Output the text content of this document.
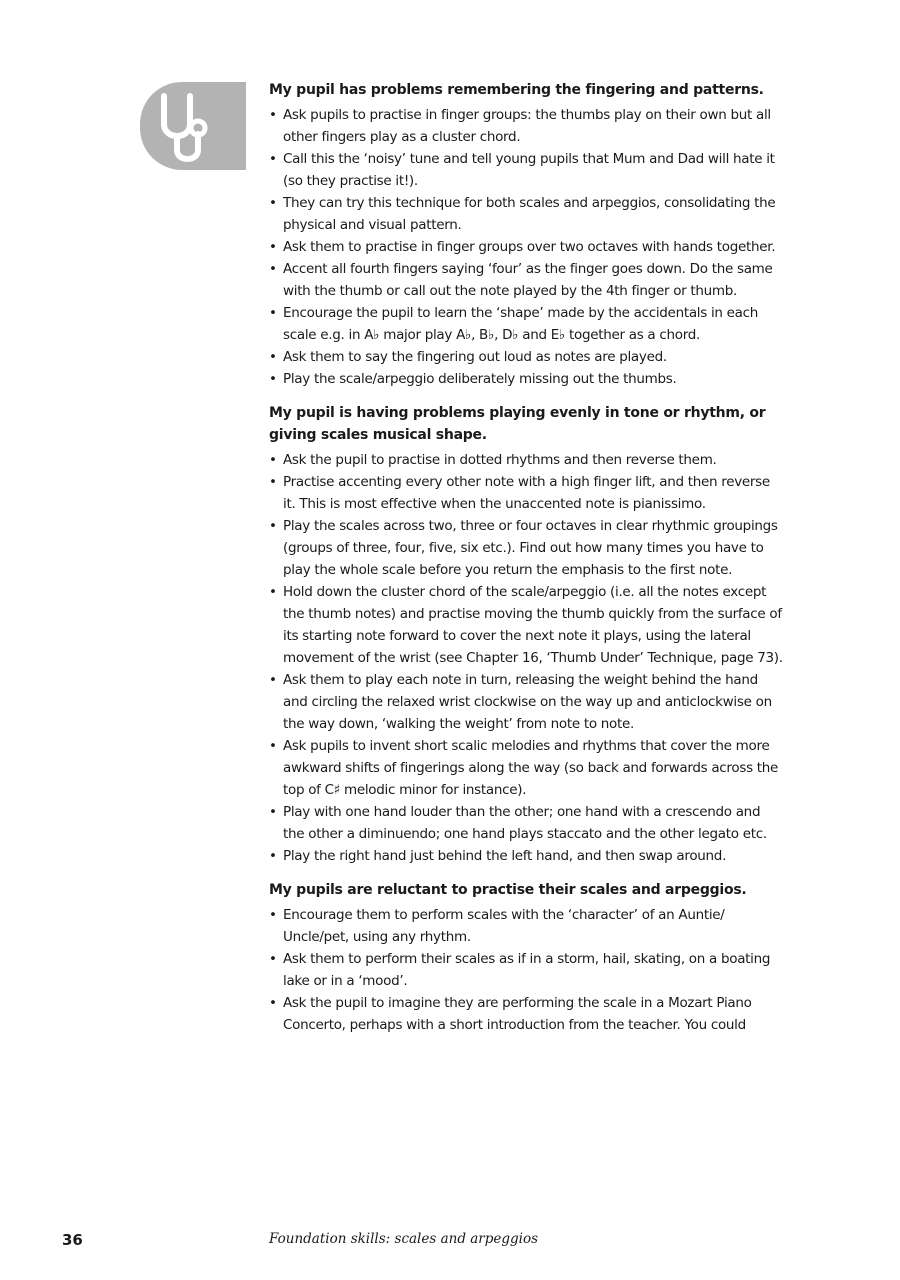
CLINIC
My pupil has problems remembering the fingering and patterns.
• Ask pupils to practise in finger groups: the thumbs play on their own but all other fingers play as a cluster chord.
• Call this the ‘noisy’ tune and tell young pupils that Mum and Dad will hate it (so they practise it!).
• They can try this technique for both scales and arpeggios, consolidating the physical and visual pattern.
• Ask them to practise in finger groups over two octaves with hands together.
• Accent all fourth fingers saying ‘four’ as the finger goes down. Do the same with the thumb or call out the note played by the 4th finger or thumb.
• Encourage the pupil to learn the ‘shape’ made by the accidentals in each scale e.g. in A♭ major play A♭, B♭, D♭ and E♭ together as a chord.
• Ask them to say the fingering out loud as notes are played.
• Play the scale/arpeggio deliberately missing out the thumbs.
My pupil is having problems playing evenly in tone or rhythm, or giving scales musical shape.
• Ask the pupil to practise in dotted rhythms and then reverse them.
• Practise accenting every other note with a high finger lift, and then reverse it. This is most effective when the unaccented note is pianissimo.
• Play the scales across two, three or four octaves in clear rhythmic groupings (groups of three, four, five, six etc.). Find out how many times you have to play the whole scale before you return the emphasis to the first note.
• Hold down the cluster chord of the scale/arpeggio (i.e. all the notes except the thumb notes) and practise moving the thumb quickly from the surface of its starting note forward to cover the next note it plays, using the lateral movement of the wrist (see Chapter 16, ‘Thumb Under’ Technique, page 73).
• Ask them to play each note in turn, releasing the weight behind the hand and circling the relaxed wrist clockwise on the way up and anticlockwise on the way down, ‘walking the weight’ from note to note.
• Ask pupils to invent short scalic melodies and rhythms that cover the more awkward shifts of fingerings along the way (so back and forwards across the top of C♯ melodic minor for instance).
• Play with one hand louder than the other; one hand with a crescendo and the other a diminuendo; one hand plays staccato and the other legato etc.
• Play the right hand just behind the left hand, and then swap around.
My pupils are reluctant to practise their scales and arpeggios.
• Encourage them to perform scales with the ‘character’ of an Auntie/ Uncle/pet, using any rhythm.
• Ask them to perform their scales as if in a storm, hail, skating, on a boating lake or in a ‘mood’.
• Ask the pupil to imagine they are performing the scale in a Mozart Piano Concerto, perhaps with a short introduction from the teacher. You could
36	Foundation skills: scales and arpeggios
